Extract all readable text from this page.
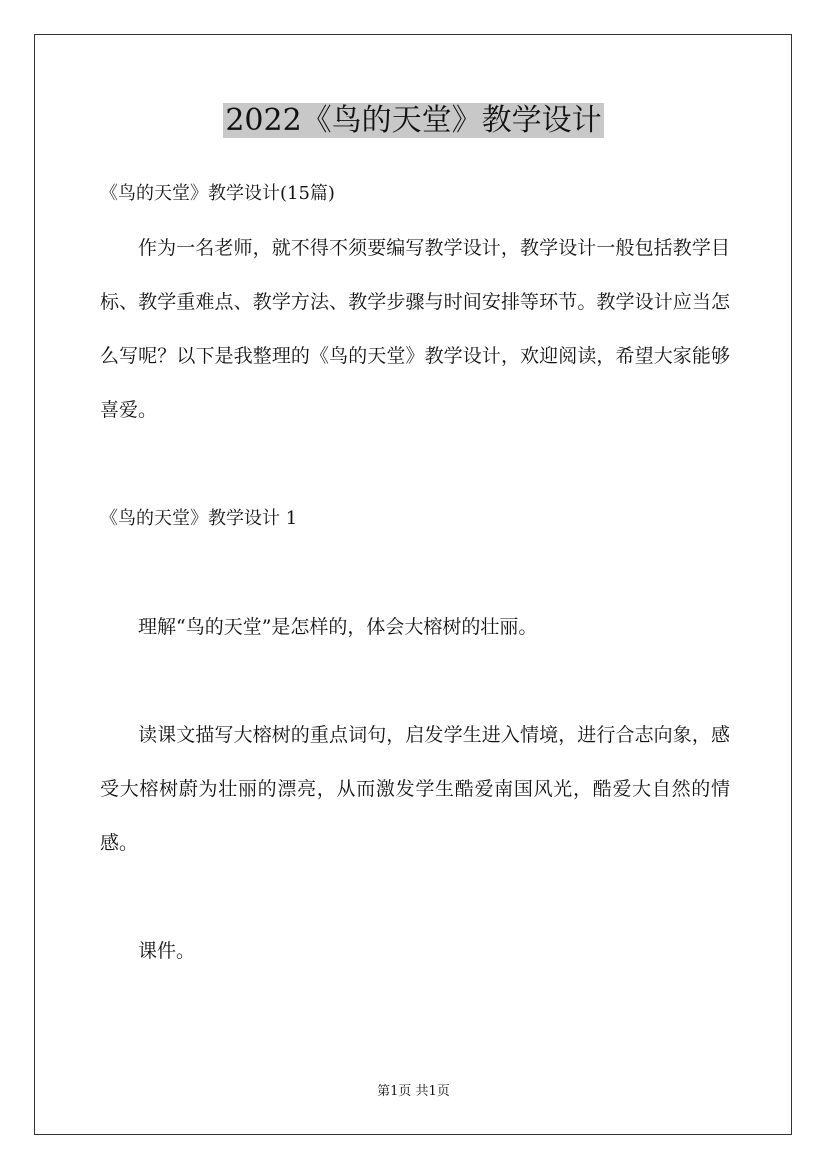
2022《鸟的天堂》教学设计
《鸟的天堂》教学设计(15篇)
作为一名老师，就不得不须要编写教学设计，教学设计一般包括教学目标、教学重难点、教学方法、教学步骤与时间安排等环节。教学设计应当怎么写呢？以下是我整理的《鸟的天堂》教学设计，欢迎阅读，希望大家能够喜爱。
《鸟的天堂》教学设计 1
理解“鸟的天堂”是怎样的，体会大榕树的壮丽。
读课文描写大榕树的重点词句，启发学生进入情境，进行合志向象，感受大榕树蔚为壮丽的漂亮，从而激发学生酷爱南国风光，酷爱大自然的情感。
课件。
第1页 共1页
